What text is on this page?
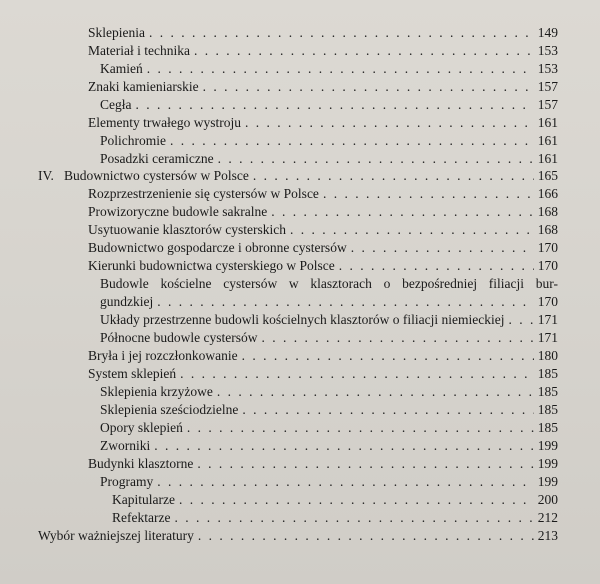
Sklepienia . . .	149
Materiał i technika . . .	153
Kamień . . .	153
Znaki kamieniarskie . . .	157
Cegła . . .	157
Elementy trwałego wystroju . . .	161
Polichromie . . .	161
Posadzki ceramiczne . . .	161
IV. Budownictwo cystersów w Polsce . . .	165
Rozprzestrzenienie się cystersów w Polsce . . .	166
Prowizoryczne budowle sakralne . . .	168
Usytuowanie klasztorów cysterskich . . .	168
Budownictwo gospodarcze i obronne cystersów . . .	170
Kierunki budownictwa cysterskiego w Polsce . . .	170
Budowle kościelne cystersów w klasztorach o bezpośredniej filiacji bur-
gundzkiej . . .	170
Układy przestrzenne budowli kościelnych klasztorów o filiacji niemieckiej . . . 171
Północne budowle cystersów . . .	171
Bryła i jej rozczłonkowanie . . .	180
System sklepień . . .	185
Sklepienia krzyżowe . . .	185
Sklepienia sześciodzielne . . .	185
Opory sklepień . . .	185
Zworniki . . .	199
Budynki klasztorne . . .	199
Programy . . .	199
Kapitularze . . .	200
Refektarze . . .	212
Wybór ważniejszej literatury . . .	213
